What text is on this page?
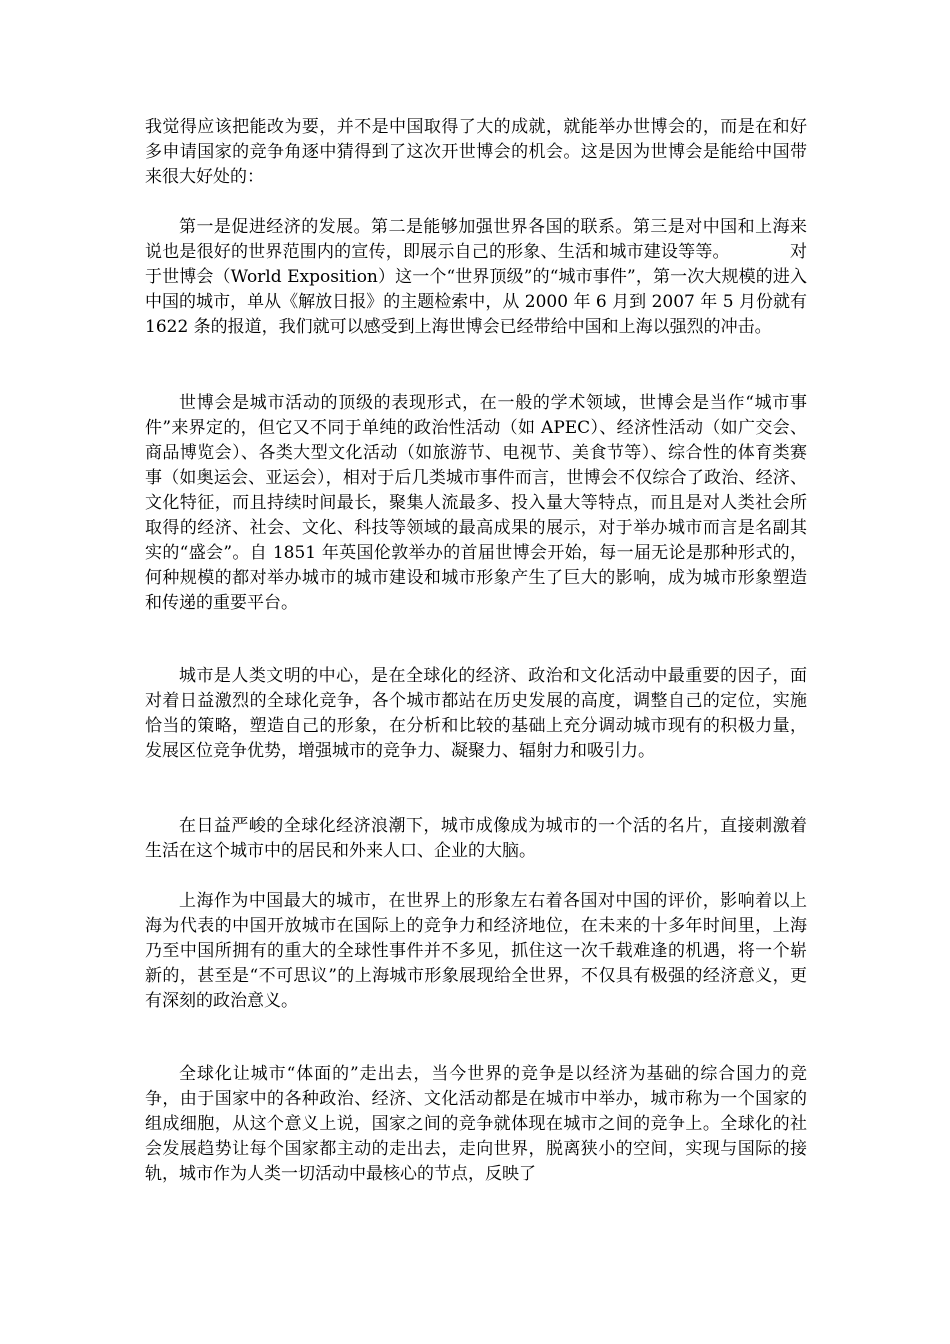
我觉得应该把能改为要，并不是中国取得了大的成就，就能举办世博会的，而是在和好多申请国家的竞争角逐中猜得到了这次开世博会的机会。这是因为世博会是能给中国带来很大好处的：

第一是促进经济的发展。第二是能够加强世界各国的联系。第三是对中国和上海来说也是很好的世界范围内的宣传，即展示自己的形象、生活和城市建设等等。　　　　对于世博会（World Exposition）这一个“世界顶级”的“城市事件”，第一次大规模的进入中国的城市，单从《解放日报》的主题检索中，从 2000 年 6 月到 2007 年 5 月份就有 1622 条的报道，我们就可以感受到上海世博会已经带给中国和上海以强烈的冲击。

世博会是城市活动的顶级的表现形式，在一般的学术领域，世博会是当作“城市事件”来界定的，但它又不同于单纯的政治性活动（如 APEC）、经济性活动（如广交会、商品博览会）、各类大型文化活动（如旅游节、电视节、美食节等）、综合性的体育类赛事（如奥运会、亚运会），相对于后几类城市事件而言，世博会不仅综合了政治、经济、文化特征，而且持续时间最长，聚集人流最多、投入量大等特点，而且是对人类社会所取得的经济、社会、文化、科技等领域的最高成果的展示，对于举办城市而言是名副其实的“盛会”。自 1851 年英国伦敦举办的首届世博会开始，每一届无论是那种形式的，何种规模的都对举办城市的城市建设和城市形象产生了巨大的影响，成为城市形象塑造和传递的重要平台。

城市是人类文明的中心，是在全球化的经济、政治和文化活动中最重要的因子，面对着日益激烈的全球化竞争，各个城市都站在历史发展的高度，调整自己的定位，实施恰当的策略，塑造自己的形象，在分析和比较的基础上充分调动城市现有的积极力量，发展区位竞争优势，增强城市的竞争力、凝聚力、辐射力和吸引力。

在日益严峻的全球化经济浪潮下，城市成像成为城市的一个活的名片，直接刺激着生活在这个城市中的居民和外来人口、企业的大脑。

上海作为中国最大的城市，在世界上的形象左右着各国对中国的评价，影响着以上海为代表的中国开放城市在国际上的竞争力和经济地位，在未来的十多年时间里，上海乃至中国所拥有的重大的全球性事件并不多见，抓住这一次千载难逢的机遇，将一个崭新的，甚至是“不可思议”的上海城市形象展现给全世界，不仅具有极强的经济意义，更有深刻的政治意义。

全球化让城市“体面的”走出去，当今世界的竞争是以经济为基础的综合国力的竞争，由于国家中的各种政治、经济、文化活动都是在城市中举办，城市称为一个国家的组成细胞，从这个意义上说，国家之间的竞争就体现在城市之间的竞争上。全球化的社会发展趋势让每个国家都主动的走出去，走向世界，脱离狭小的空间，实现与国际的接轨，城市作为人类一切活动中最核心的节点，反映了
